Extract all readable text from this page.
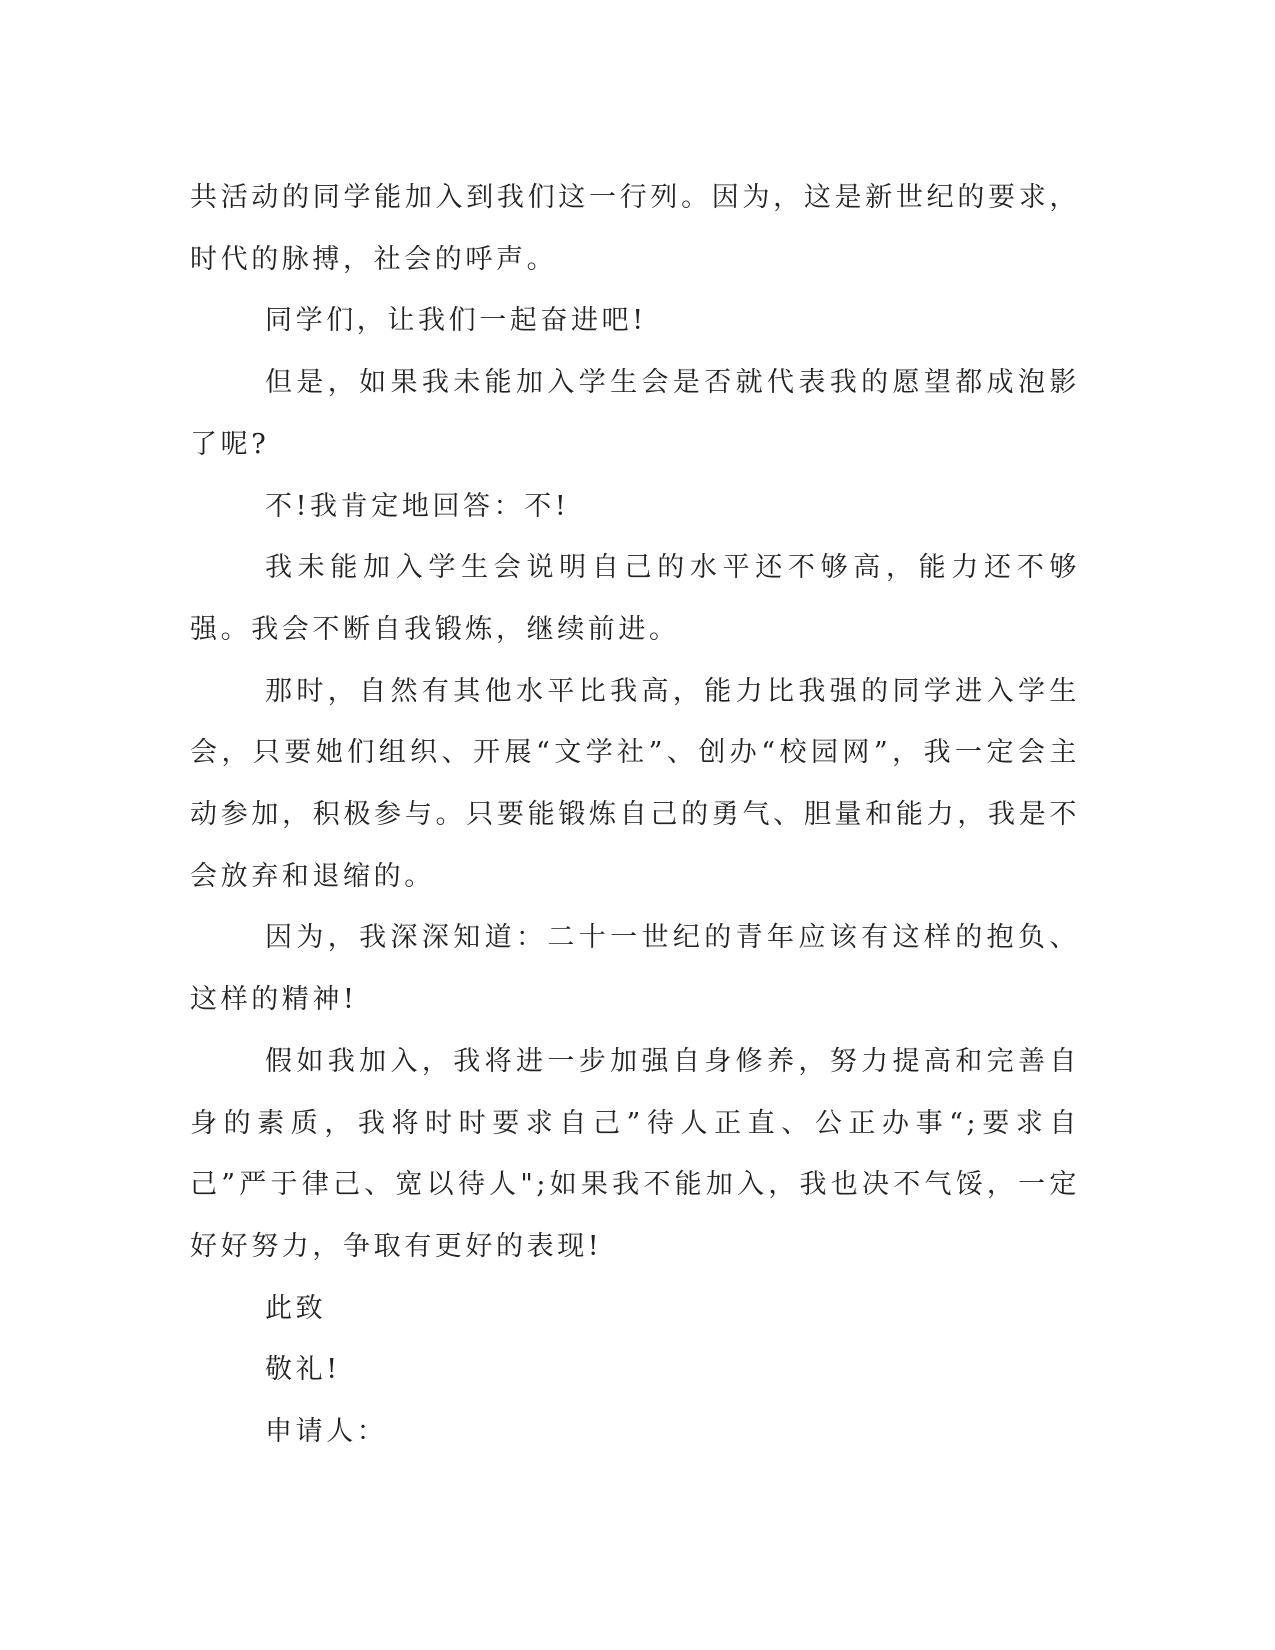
共活动的同学能加入到我们这一行列。因为，这是新世纪的要求，时代的脉搏，社会的呼声。

同学们，让我们一起奋进吧!

但是，如果我未能加入学生会是否就代表我的愿望都成泡影了呢?

不!我肯定地回答：不!

我未能加入学生会说明自己的水平还不够高，能力还不够强。我会不断自我锻炼，继续前进。

那时，自然有其他水平比我高，能力比我强的同学进入学生会，只要她们组织、开展“文学社”、创办“校园网”，我一定会主动参加，积极参与。只要能锻炼自己的勇气、胆量和能力，我是不会放弃和退缩的。

因为，我深深知道：二十一世纪的青年应该有这样的抱负、这样的精神!

假如我加入，我将进一步加强自身修养，努力提高和完善自身的素质，我将时时要求自己”待人正直、公正办事“;要求自己”严于律己、宽以待人";如果我不能加入，我也决不气馁，一定好好努力，争取有更好的表现!

此致

敬礼!

申请人：
